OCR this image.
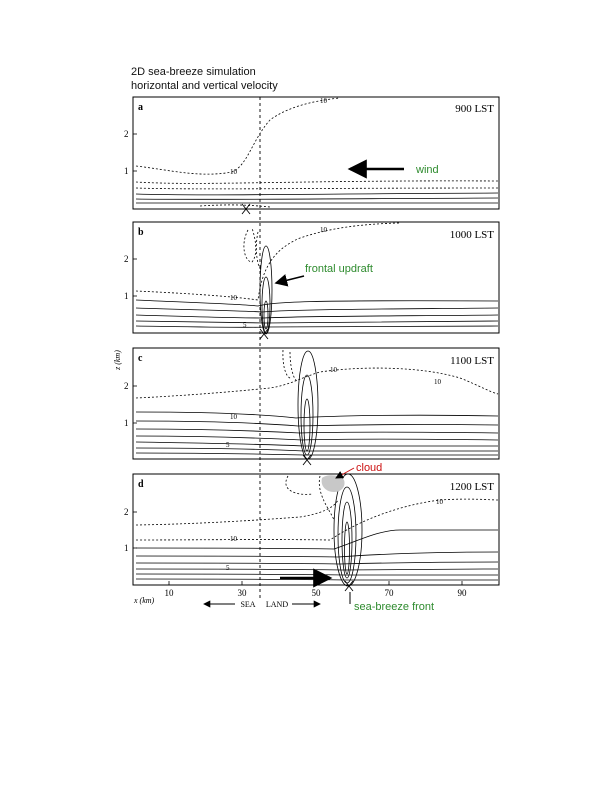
2D sea-breeze simulation
horizontal and vertical velocity
a
b
c
d
900 LST
1000 LST
1100 LST
1200 LST
10
10
10
10
5
10
10
10
5
10
10
5
2
1
2
1
2
1
2
1
z (km)
10	30	50	70	90
x (km)	SEA LAND
wind
frontal updraft
cloud
sea-breeze front
